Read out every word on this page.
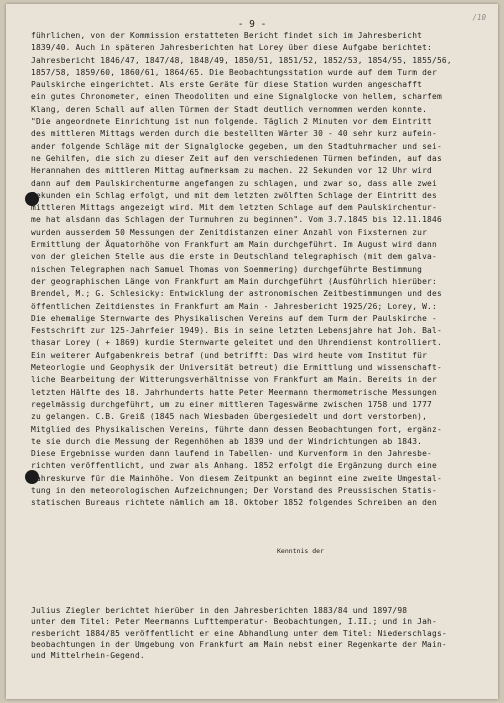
/10
- 9 -
führlichen, von der Kommission erstatteten Bericht findet sich im Jahresbericht
1839/40. Auch in späteren Jahresberichten hat Lorey über diese Aufgabe berichtet:
Jahresbericht 1846/47, 1847/48, 1848/49, 1850/51, 1851/52, 1852/53, 1854/55, 1855/56,
1857/58, 1859/60, 1860/61, 1864/65. Die Beobachtungsstation wurde auf dem Turm der
Paulskirche eingerichtet. Als erste Geräte für diese Station wurden angeschafft
ein gutes Chronometer, einen Theodoliten und eine Signalglocke von hellem, scharfem
Klang, deren Schall auf allen Türmen der Stadt deutlich vernommen werden konnte.
"Die angeordnete Einrichtung ist nun folgende. Täglich 2 Minuten vor dem Eintritt
des mittleren Mittags werden durch die bestellten Wärter 30 - 40 sehr kurz aufein-
ander folgende Schläge mit der Signalglocke gegeben, um den Stadtuhrmacher und sei-
ne Gehilfen, die sich zu dieser Zeit auf den verschiedenen Türmen befinden, auf das
Herannahen des mittleren Mittag aufmerksam zu machen. 22 Sekunden vor 12 Uhr wird
dann auf dem Paulskirchenturme angefangen zu schlagen, und zwar so, dass alle zwei
Sekunden ein Schlag erfolgt, und mit dem letzten zwölften Schlage der Eintritt des
mittleren Mittags angezeigt wird. Mit dem letzten Schlage auf dem Paulskirchentur-
me hat alsdann das Schlagen der Turmuhren zu beginnen". Vom 3.7.1845 bis 12.11.1846
wurden ausserdem 50 Messungen der Zenitdistanzen einer Anzahl von Fixsternen zur
Ermittlung der Äquatorhöhe von Frankfurt am Main durchgeführt. Im August wird dann
von der gleichen Stelle aus die erste in Deutschland telegraphisch (mit dem galva-
nischen Telegraphen nach Samuel Thomas von Soemmering) durchgeführte Bestimmung
der geographischen Länge von Frankfurt am Main durchgeführt (Ausführlich hierüber:
Brendel, M.; G. Schlesicky: Entwicklung der astronomischen Zeitbestimmungen und des
öffentlichen Zeitdienstes in Frankfurt am Main - Jahresbericht 1925/26; Lorey, W.:
Die ehemalige Sternwarte des Physikalischen Vereins auf dem Turm der Paulskirche -
Festschrift zur 125-Jahrfeier 1949). Bis in seine letzten Lebensjahre hat Joh. Bal-
thasar Lorey ( + 1869) kurdie Sternwarte geleitet und den Uhrendienst kontrolliert.
Ein weiterer Aufgabenkreis betraf (und betrifft: Das wird heute vom Institut für
Meteorlogie und Geophysik der Universität betreut) die Ermittlung und wissenschaft-
liche Bearbeitung der Witterungsverhältnisse von Frankfurt am Main. Bereits in der
letzten Hälfte des 18. Jahrhunderts hatte Peter Meermann thermometrische Messungen
regelmässig durchgeführt, um zu einer mittleren Tageswärme zwischen 1758 und 1777
zu gelangen. C.B. Greiß (1845 nach Wiesbaden übergesiedelt und dort verstorben),
Mitglied des Physikalischen Vereins, führte dann dessen Beobachtungen fort, ergänz-
te sie durch die Messung der Regenhöhen ab 1839 und der Windrichtungen ab 1843.
Diese Ergebnisse wurden dann laufend in Tabellen- und Kurvenform in den Jahresbe-
richten veröffentlicht, und zwar als Anhang. 1852 erfolgt die Ergänzung durch eine
Jahreskurve für die Mainhöhe. Von diesem Zeitpunkt an beginnt eine zweite Umgestal-
tung in den meteorologischen Aufzeichnungen; Der Vorstand des Preussischen Statis-
statischen Bureaus richtete nämlich am 18. Oktober 1852 folgendes Schreiben an den
Kenntnis der
Julius Ziegler berichtet hierüber in den Jahresberichten 1883/84 und 1897/98
unter dem Titel: Peter Meermanns Lufttemperatur- Beobachtungen, I.II.; und in Jah-
resbericht 1884/85 veröffentlicht er eine Abhandlung unter dem Titel: Niederschlags-
beobachtungen in der Umgebung von Frankfurt am Main nebst einer Regenkarte der Main-
und Mittelrhein-Gegend.
